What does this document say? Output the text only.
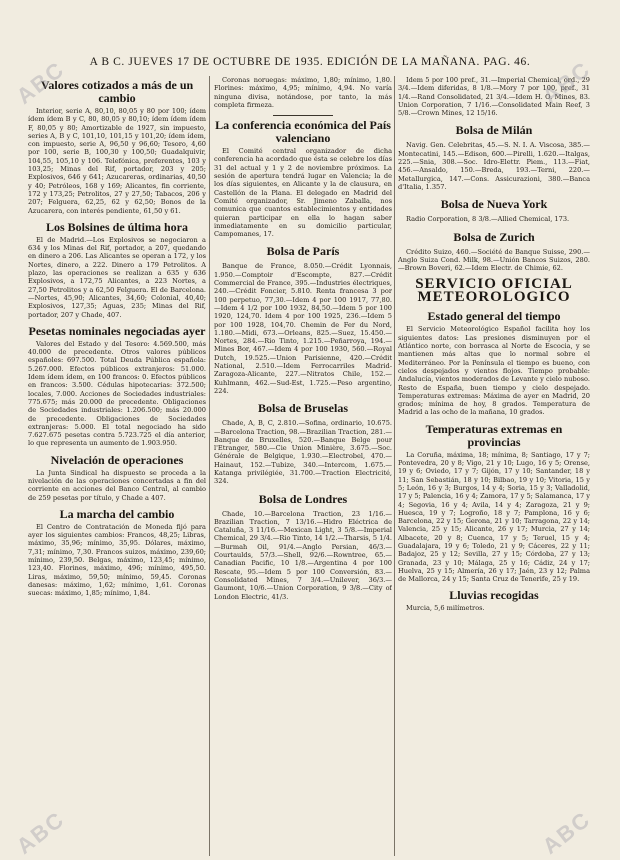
A B C. JUEVES 17 DE OCTUBRE DE 1935. EDICIÓN DE LA MAÑANA. PAG. 46.
Valores cotizados a más de un cambio

Interior, serie A, 80,10, 80,05 y 80 por 100; ídem ídem ídem B y C, 80, 80,05 y 80,10; ídem ídem ídem F, 80,05 y 80; Amortizable de 1927, sin impuesto, series A, B y C, 101,10, 101,15 y 101,20; ídem ídem, con impuesto, serie A, 96,50 y 96,60; Tesoro, 4,60 por 100, serie B, 100,30 y 100,50; Guadalquivir, 104,55, 105,10 y 106. Telefónica, preferentes, 103 y 103,25; Minas del Rif, portador, 203 y 205; Explosivos, 646 y 641; Azucareras, ordinarias, 40,50 y 40; Petróleos, 168 y 169; Alicantes, fin corriente, 172 y 173,25; Petrolitos, 27 y 27,50; Tabacos, 206 y 207; Felguera, 62,25, 62 y 62,50; Bonos de la Azucarera, con interés pendiente, 61,50 y 61.

Los Bolsines de última hora

El de Madrid.—Los Explosivos se negociaron a 634 y los Minas del Rif, portador, a 207, quedando en dinero a 206. Las Alicantes se operan a 172, y los Nortes, dinero, a 222. Dinero a 179 Petrolitos. A plazo, las operaciones se realizan a 635 y 636 Explosivos, a 172,75 Alicantes, a 223 Nortes, a 27,50 Petrolitos y a 62,50 Felguera. El de Barcelona.—Nortes, 45,90; Alicantes, 34,60; Colonial, 40,40; Explosivos, 127,35; Aguas, 235; Minas del Rif, portador, 207 y Chade, 407.

Pesetas nominales negociadas ayer

Valores del Estado y del Tesoro: 4.569.500, más 40.000 de precedente. Otros valores públicos españoles: 697.500. Total Deuda Pública española: 5.267.000. Efectos públicos extranjeros: 51.000. Idem ídem ídem, en 100 francos: 0. Efectos públicos en francos: 3.500. Cédulas hipotecarias: 372.500; locales, 7.000. Acciones de Sociedades industriales: 775.675; más 20.000 de precedente. Obligaciones de Sociedades industriales: 1.206.500; más 20.000 de precedente. Obligaciones de Sociedades extranjeras: 5.000. El total negociado ha sido 7.627.675 pesetas contra 5.723.725 el día anterior, lo que representa un aumento de 1.903.950.

Nivelación de operaciones

La Junta Sindical ha dispuesto se proceda a la nivelación de las operaciones concertadas a fin del corriente en acciones del Banco Central, al cambio de 259 pesetas por título, y Chade a 407.

La marcha del cambio

El Centro de Contratación de Moneda fijó para ayer los siguientes cambios: Francos, 48,25; Libras, máximo, 35,96; mínimo, 35,95. Dólares, máximo, 7,31; mínimo, 7,30. Francos suizos, máximo, 239,60; mínimo, 239,50. Belgas, máximo, 123,45; mínimo, 123,40. Florines, máximo, 496; mínimo, 495,50. Liras, máximo, 59,50; mínimo, 59,45. Coronas danesas: máximo, 1,62; mínimo, 1,61. Coronas suecas: máximo, 1,85; mínimo, 1,84.

Coronas noruegas: máximo, 1,80; mínimo, 1,80. Florines: máximo, 4,95; mínimo, 4,94. No varía ninguna divisa, notándose, por tanto, la más completa firmeza.

La conferencia económica del País valenciano

El Comité central organizador de dicha conferencia ha acordado que ésta se celebre los días 31 del actual y 1 y 2 de noviembre próximos. La sesión de apertura tendrá lugar en Valencia; la de los días siguientes, en Alicante y la de clausura, en Castellón de la Plana. El delegado en Madrid del Comité organizador, Sr. Jimeno Zaballa, nos comunica que cuantos establecimientos y entidades quieran participar en ella lo hagan saber inmediatamente en su domicilio particular, Campomanes, 17.

Bolsa de París

Banque de France, 8.050.—Crédit Lyonnais, 1.950.—Comptoir d'Escompte, 827.—Crédit Commercial de France, 395.—Industries électriques, 240.—Crédit Foncier, 5.810. Renta francesa 3 por 100 perpetuo, 77,30.—Idem 4 por 100 1917, 77,80.—Idem 4 1/2 por 100 1932, 84,50.—Idem 5 por 100 1920, 124,70. Idem 4 por 100 1925, 236.—Idem 5 por 100 1928, 104,70. Chemin de Fer du Nord, 1.180.—Midi, 673.—Orleans, 825.—Suez, 15.450.—Nortes, 284.—Rio Tinto, 1.215.—Peñarroya, 194.—Mines Bor, 467.—Idem 4 por 100 1930, 560.—Royal Dutch, 19.525.—Union Parisienne, 420.—Crédit National, 2.510.—Idem Ferrocarriles Madrid-Zaragoza-Alicante, 227.—Nitratos Chile, 152.—Kuhlmann, 462.—Sud-Est, 1.725.—Peso argentino, 224.

Bolsa de Bruselas

Chade, A, B, C, 2.810.—Sofina, ordinario, 10.675.—Barcelona Traction, 98.—Brazilian Traction, 281.—Banque de Bruxelles, 520.—Banque Belge pour l'Etranger, 580.—Cie Union Minière, 3.675.—Soc. Générale de Belgique, 1.930.—Electrobel, 470.—Hainaut, 152.—Tubize, 340.—Intercom, 1.675.—Katanga privilégiée, 31.700.—Traction Electricité, 324.

Bolsa de Londres

Chade, 10.—Barcelona Traction, 23 1/16.—Brazilian Traction, 7 13/16.—Hidro Eléctrica de Cataluña, 3 11/16.—Mexican Light, 3 5/8.—Imperial Chemical, 29 3/4.—Rio Tinto, 14 1/2.—Tharsis, 5 1/4.—Burmah Oil, 91/4.—Anglo Persian, 46/3.—Courtaulds, 57/3.—Shell, 92/6.—Rowntree, 65.—Canadian Pacific, 10 1/8.—Argentina 4 por 100 Rescate, 95.—Idem 5 por 100 Conversión, 83.—Consolidated Mines, 7 3/4.—Unilever, 36/3.—Gaumont, 10/6.—Union Corporation, 9 3/8.—City of London Electric, 41/3.

Idem 5 por 100 pref., 31.—Imperial Chemical, ord., 29 3/4.—Idem diferidas, 8 1/8.—Mory 7 por 100, pref., 31 1/4.—Rand Consolidated, 21 3/4.—Idem H. O. Mines, 83. Union Corporation, 7 1/16.—Consolidated Main Reef, 3 5/8.—Crown Mines, 12 15/16.

Bolsa de Milán

Navig. Gen. Celebritas, 45.—S. N. I. A. Viscosa, 385.—Montecatini, 145.—Edison, 600.—Pirelli, 1.620.—Italgas, 225.—Snia, 308.—Soc. Idro-Elettr. Piem., 113.—Fiat, 456.—Ansaldo, 150.—Breda, 193.—Terni, 220.—Metallurgica, 147.—Cons. Assicurazioni, 380.—Banca d'Italia, 1.357.

Bolsa de Nueva York

Radio Corporation, 8 3/8.—Allied Chemical, 173.

Bolsa de Zurich

Crédito Suizo, 460.—Société de Banque Suisse, 290.—Anglo Suiza Cond. Milk, 98.—Unión Bancos Suizos, 280.—Brown Boveri, 62.—Idem Electr. de Chimie, 62.

SERVICIO OFICIAL METEOROLOGICO
Estado general del tiempo

El Servicio Meteorológico Español facilita hoy los siguientes datos: Las presiones disminuyen por el Atlántico norte, con borrasca al Norte de Escocia, y se mantienen más altas que lo normal sobre el Mediterráneo. Por la Península el tiempo es bueno, con cielos despejados y vientos flojos. Tiempo probable: Andalucía, vientos moderados de Levante y cielo nuboso. Resto de España, buen tiempo y cielo despejado. Temperaturas extremas: Máxima de ayer en Madrid, 20 grados; mínima de hoy, 8 grados. Temperatura de Madrid a las ocho de la mañana, 10 grados.

Temperaturas extremas en provincias

La Coruña, máxima, 18; mínima, 8; Santiago, 17 y 7; Pontevedra, 20 y 8; Vigo, 21 y 10; Lugo, 16 y 5; Orense, 19 y 6; Oviedo, 17 y 7; Gijón, 17 y 10; Santander, 18 y 11; San Sebastián, 18 y 10; Bilbao, 19 y 10; Vitoria, 15 y 5; León, 16 y 3; Burgos, 14 y 4; Soria, 15 y 3; Valladolid, 17 y 5; Palencia, 16 y 4; Zamora, 17 y 5; Salamanca, 17 y 4; Segovia, 16 y 4; Avila, 14 y 4; Zaragoza, 21 y 9; Huesca, 19 y 7; Logroño, 18 y 7; Pamplona, 16 y 6; Barcelona, 22 y 15; Gerona, 21 y 10; Tarragona, 22 y 14; Valencia, 25 y 15; Alicante, 26 y 17; Murcia, 27 y 14; Albacete, 20 y 8; Cuenca, 17 y 5; Teruel, 15 y 4; Guadalajara, 19 y 6; Toledo, 21 y 9; Cáceres, 22 y 11; Badajoz, 25 y 12; Sevilla, 27 y 15; Córdoba, 27 y 13; Granada, 23 y 10; Málaga, 25 y 16; Cádiz, 24 y 17; Huelva, 25 y 15; Almería, 26 y 17; Jaén, 23 y 12; Palma de Mallorca, 24 y 15; Santa Cruz de Tenerife, 25 y 19.

Lluvias recogidas

Murcia, 5,6 milímetros.

ABC	ABC
ABC	ABC
